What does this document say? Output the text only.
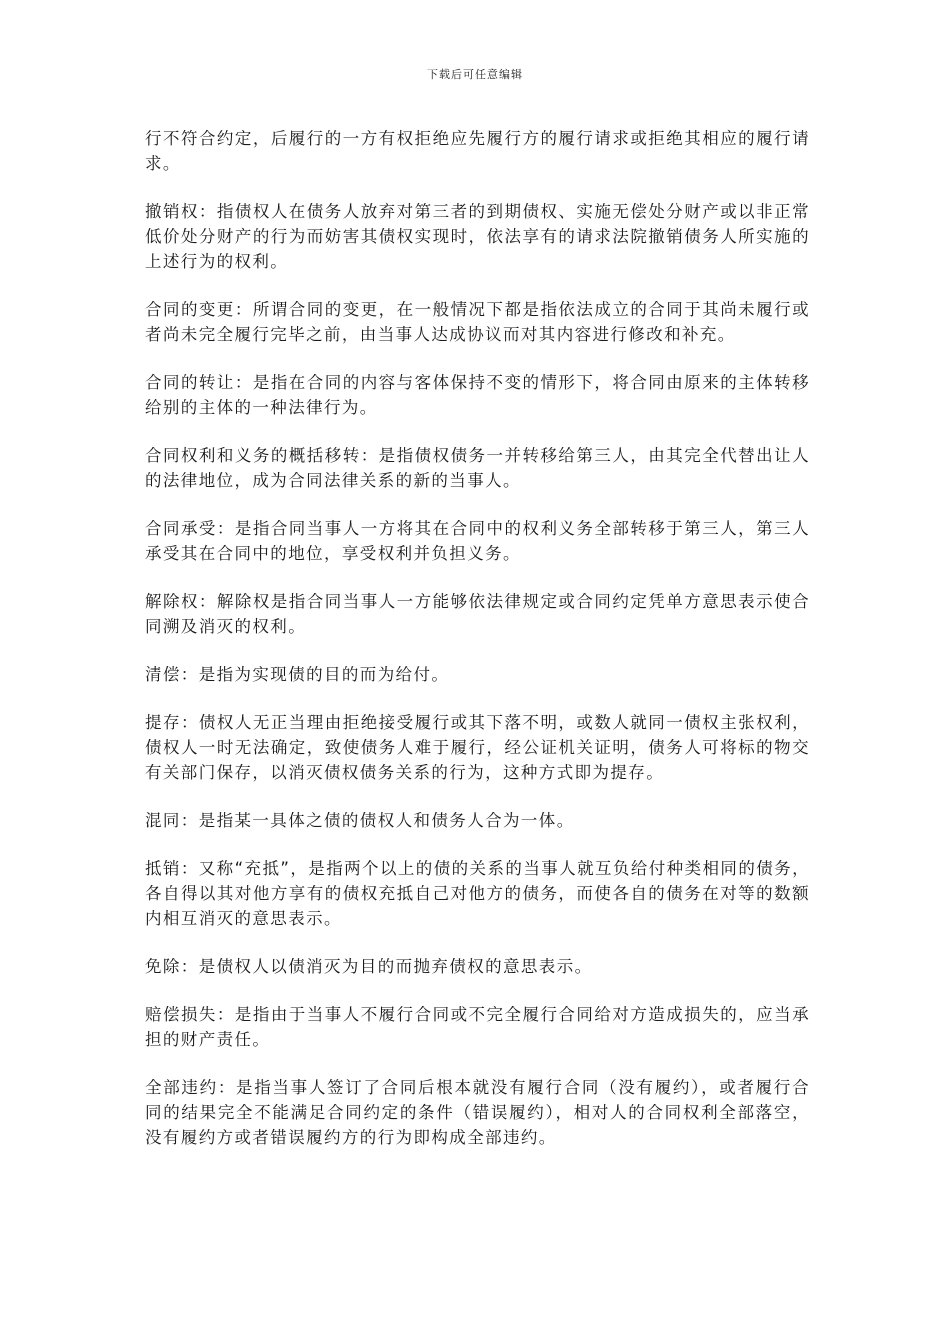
下载后可任意编辑

行不符合约定，后履行的一方有权拒绝应先履行方的履行请求或拒绝其相应的履行请求。

撤销权：指债权人在债务人放弃对第三者的到期债权、实施无偿处分财产或以非正常低价处分财产的行为而妨害其债权实现时，依法享有的请求法院撤销债务人所实施的上述行为的权利。

合同的变更：所谓合同的变更，在一般情况下都是指依法成立的合同于其尚未履行或者尚未完全履行完毕之前，由当事人达成协议而对其内容进行修改和补充。

合同的转让：是指在合同的内容与客体保持不变的情形下，将合同由原来的主体转移给别的主体的一种法律行为。

合同权利和义务的概括移转：是指债权债务一并转移给第三人，由其完全代替出让人的法律地位，成为合同法律关系的新的当事人。

合同承受：是指合同当事人一方将其在合同中的权利义务全部转移于第三人，第三人承受其在合同中的地位，享受权利并负担义务。

解除权：解除权是指合同当事人一方能够依法律规定或合同约定凭单方意思表示使合同溯及消灭的权利。

清偿：是指为实现债的目的而为给付。

提存：债权人无正当理由拒绝接受履行或其下落不明，或数人就同一债权主张权利，债权人一时无法确定，致使债务人难于履行，经公证机关证明，债务人可将标的物交有关部门保存，以消灭债权债务关系的行为，这种方式即为提存。

混同：是指某一具体之债的债权人和债务人合为一体。

抵销：又称“充抵”，是指两个以上的债的关系的当事人就互负给付种类相同的债务，各自得以其对他方享有的债权充抵自己对他方的债务，而使各自的债务在对等的数额内相互消灭的意思表示。

免除：是债权人以债消灭为目的而抛弃债权的意思表示。

赔偿损失：是指由于当事人不履行合同或不完全履行合同给对方造成损失的，应当承担的财产责任。

全部违约：是指当事人签订了合同后根本就没有履行合同（没有履约），或者履行合同的结果完全不能满足合同约定的条件（错误履约），相对人的合同权利全部落空，没有履约方或者错误履约方的行为即构成全部违约。
